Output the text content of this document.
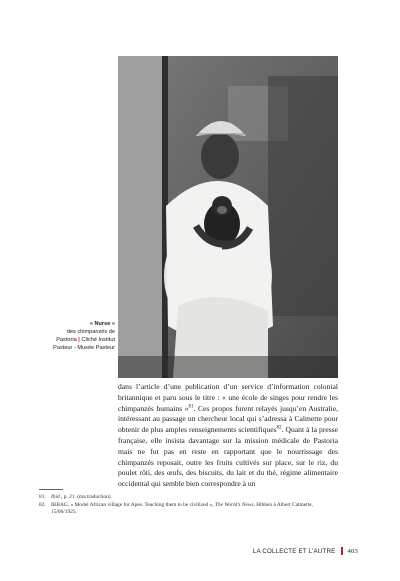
« Nurse »
des chimpanzés de
Pastoria | Cliché Institut
Pasteur - Musée Pasteur

dans l’article d’une publication d’un service d’information colonial britannique et paru sous le titre : « une école de singes pour rendre les chimpanzés humains »$^{81}$. Ces propos furent relayés jusqu’en Australie, intéressant au passage un chercheur local qui s’adressa à Calmette pour obtenir de plus amples renseignements scientifiques$^{82}$. Quant à la presse française, elle insista davantage sur la mission médicale de Pastoria mais ne fut pas en reste en rapportant que le nourrissage des chimpanzés reposait, outre les fruits cultivés sur place, sur le riz, du poulet rôti, des œufs, des biscuits, du lait et du thé, régime alimentaire occidental qui semble bien correspondre à un

81. Ibid., p. 21. (ma traduction).
82. IRBAG, « Model African village for Apes. Teaching them to be civilized », The World’s News, Hibben à Albert Calmette, 15/06/1925.
LA COLLECTE ET L’AUTRE 403
